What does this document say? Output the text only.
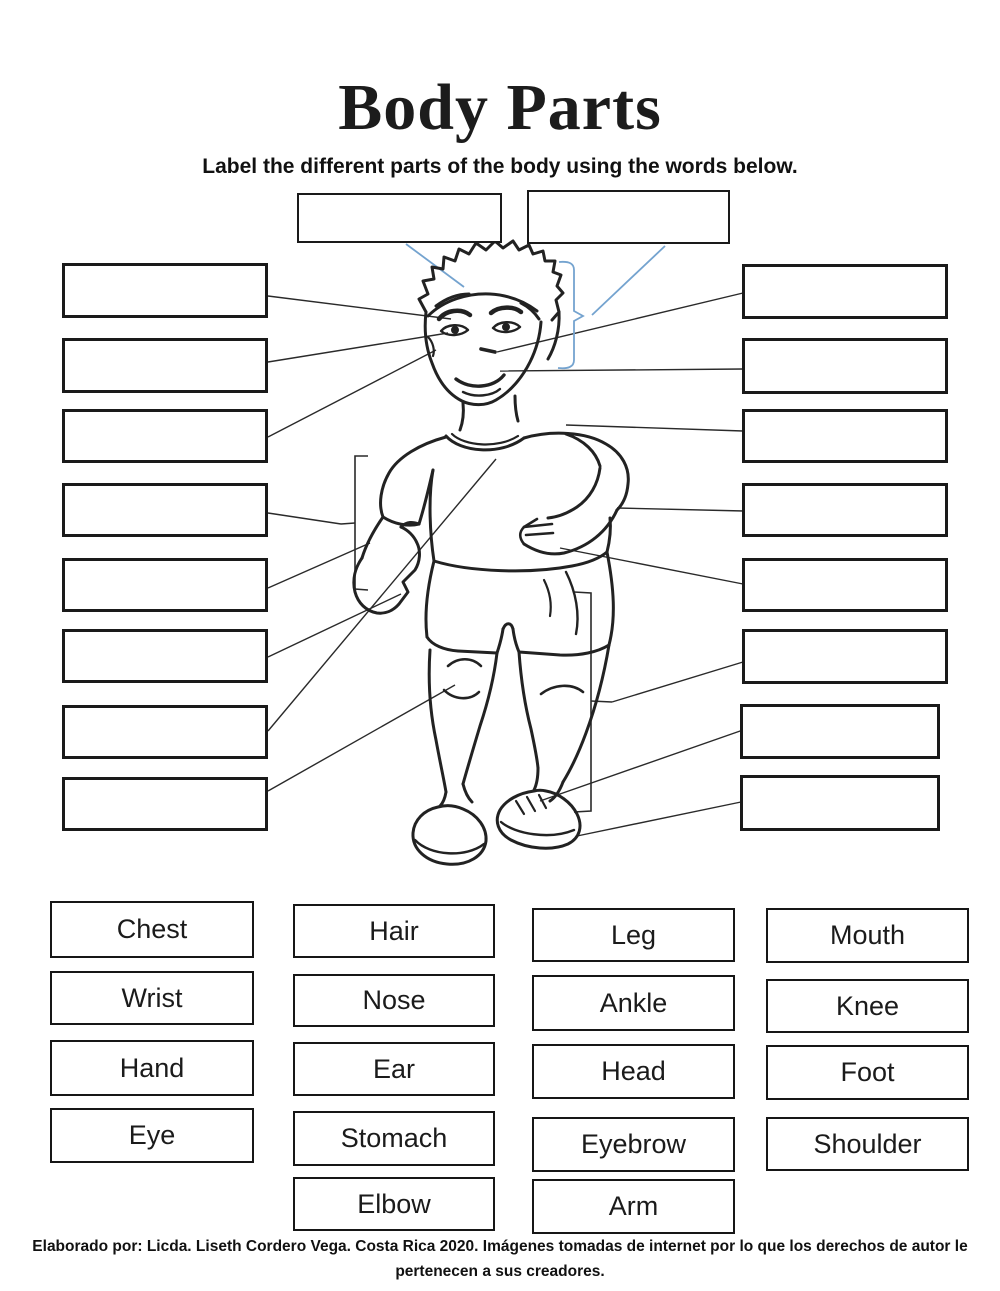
Body Parts
Label the different parts of the body using the words below.
Chest
Wrist
Hand
Eye
Hair
Nose
Ear
Stomach
Elbow
Leg
Ankle
Head
Eyebrow
Arm
Mouth
Knee
Foot
Shoulder
Elaborado por: Licda. Liseth Cordero Vega. Costa Rica 2020. Imágenes tomadas de internet por lo que los derechos de autor le
pertenecen a sus creadores.
